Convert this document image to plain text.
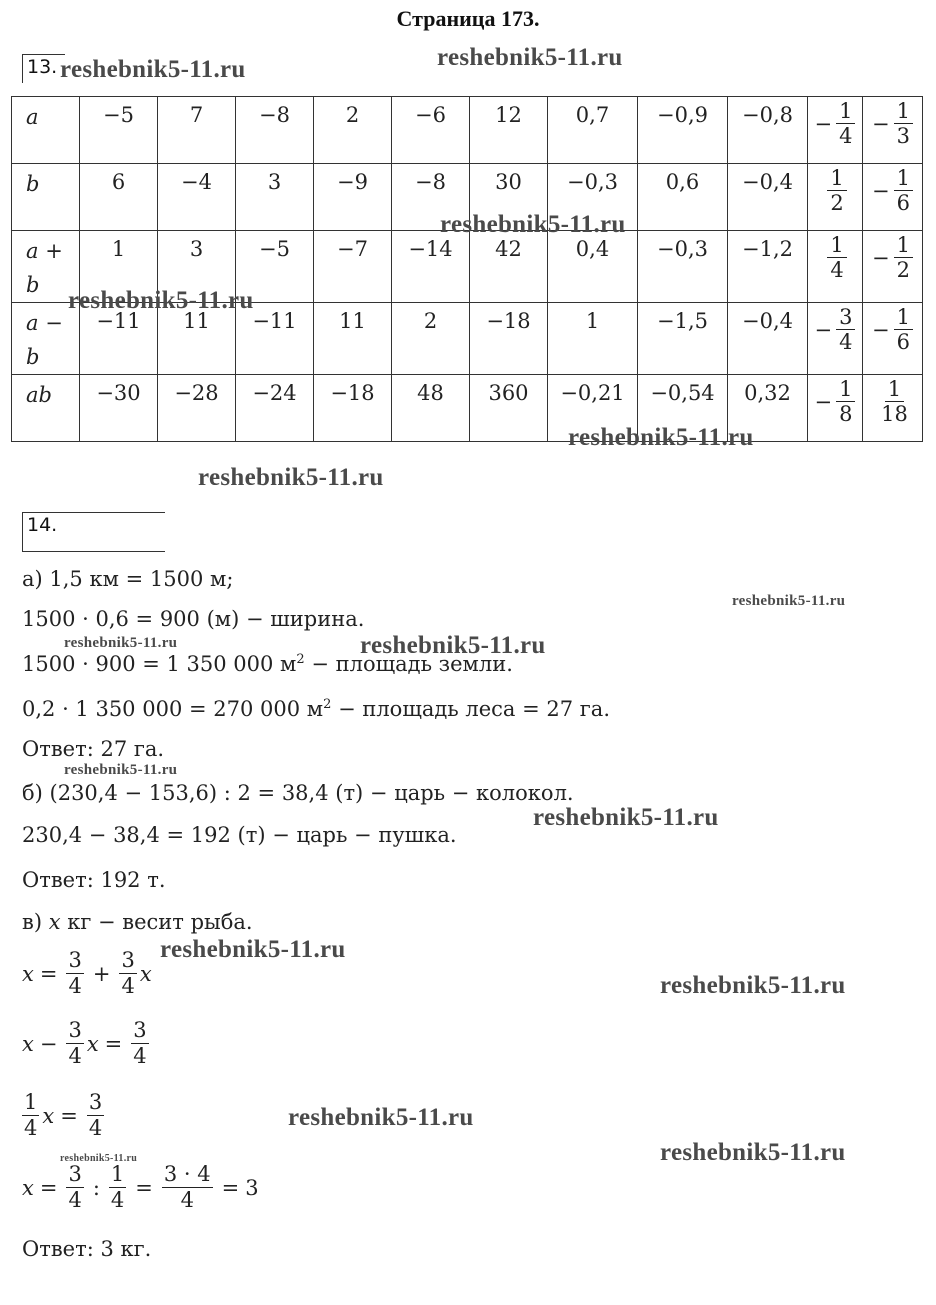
Страница 173.
13.
a	−5	7	−8	2	−6	12	0,7	−0,9	−0,8	− $\frac{1}{4}$	− $\frac{1}{3}$

b	6	−4	3	−9	−8	30	−0,3	0,6	−0,4	$\frac{1}{2}$	− $\frac{1}{6}$

a + b	1	3	−5	−7	−14	42	0,4	−0,3	−1,2	$\frac{1}{4}$	− $\frac{1}{2}$

a − b	−11	11	−11	11	2	−18	1	−1,5	−0,4	− $\frac{3}{4}$	− $\frac{1}{6}$

ab	−30	−28	−24	−18	48	360	−0,21	−0,54	0,32	− $\frac{1}{8}$	$\frac{1}{18}$
14.
а) 1,5 км = 1500 м;
1500 · 0,6 = 900 (м) − ширина.
1500 · 900 = 1 350 000 $м^2$ − площадь земли.
0,2 · 1 350 000 = 270 000 $м^2$ − площадь леса = 27 га.
Ответ: 27 га.
б) (230,4 − 153,6) : 2 = 38,4 (т) − царь − колокол.
230,4 − 38,4 = 192 (т) − царь − пушка.
Ответ: 192 т.
в) x кг − весит рыба.
$x = \frac{3}{4} + \frac{3}{4}$ x
$x - \frac{3}{4}$ $x = \frac{3}{4}$
1
4
$x = \frac{3}{4}$
$x = \frac{3}{4}$ : $\frac{1}{4} = \frac{3 \cdot 4}{4} = 3$
Ответ: 3 кг.
reshebnik5-11.ru	reshebnik5-11.ru
reshebnik5-11.ru
reshebnik5-11.ru
reshebnik5-11.ru
reshebnik5-11.ru
reshebnik5-11.ru
reshebnik5-11.ru	reshebnik5-11.ru
reshebnik5-11.ru
reshebnik5-11.ru
reshebnik5-11.ru
reshebnik5-11.ru
reshebnik5-11.ru
reshebnik5-11.ru
reshebnik5-11.ru
